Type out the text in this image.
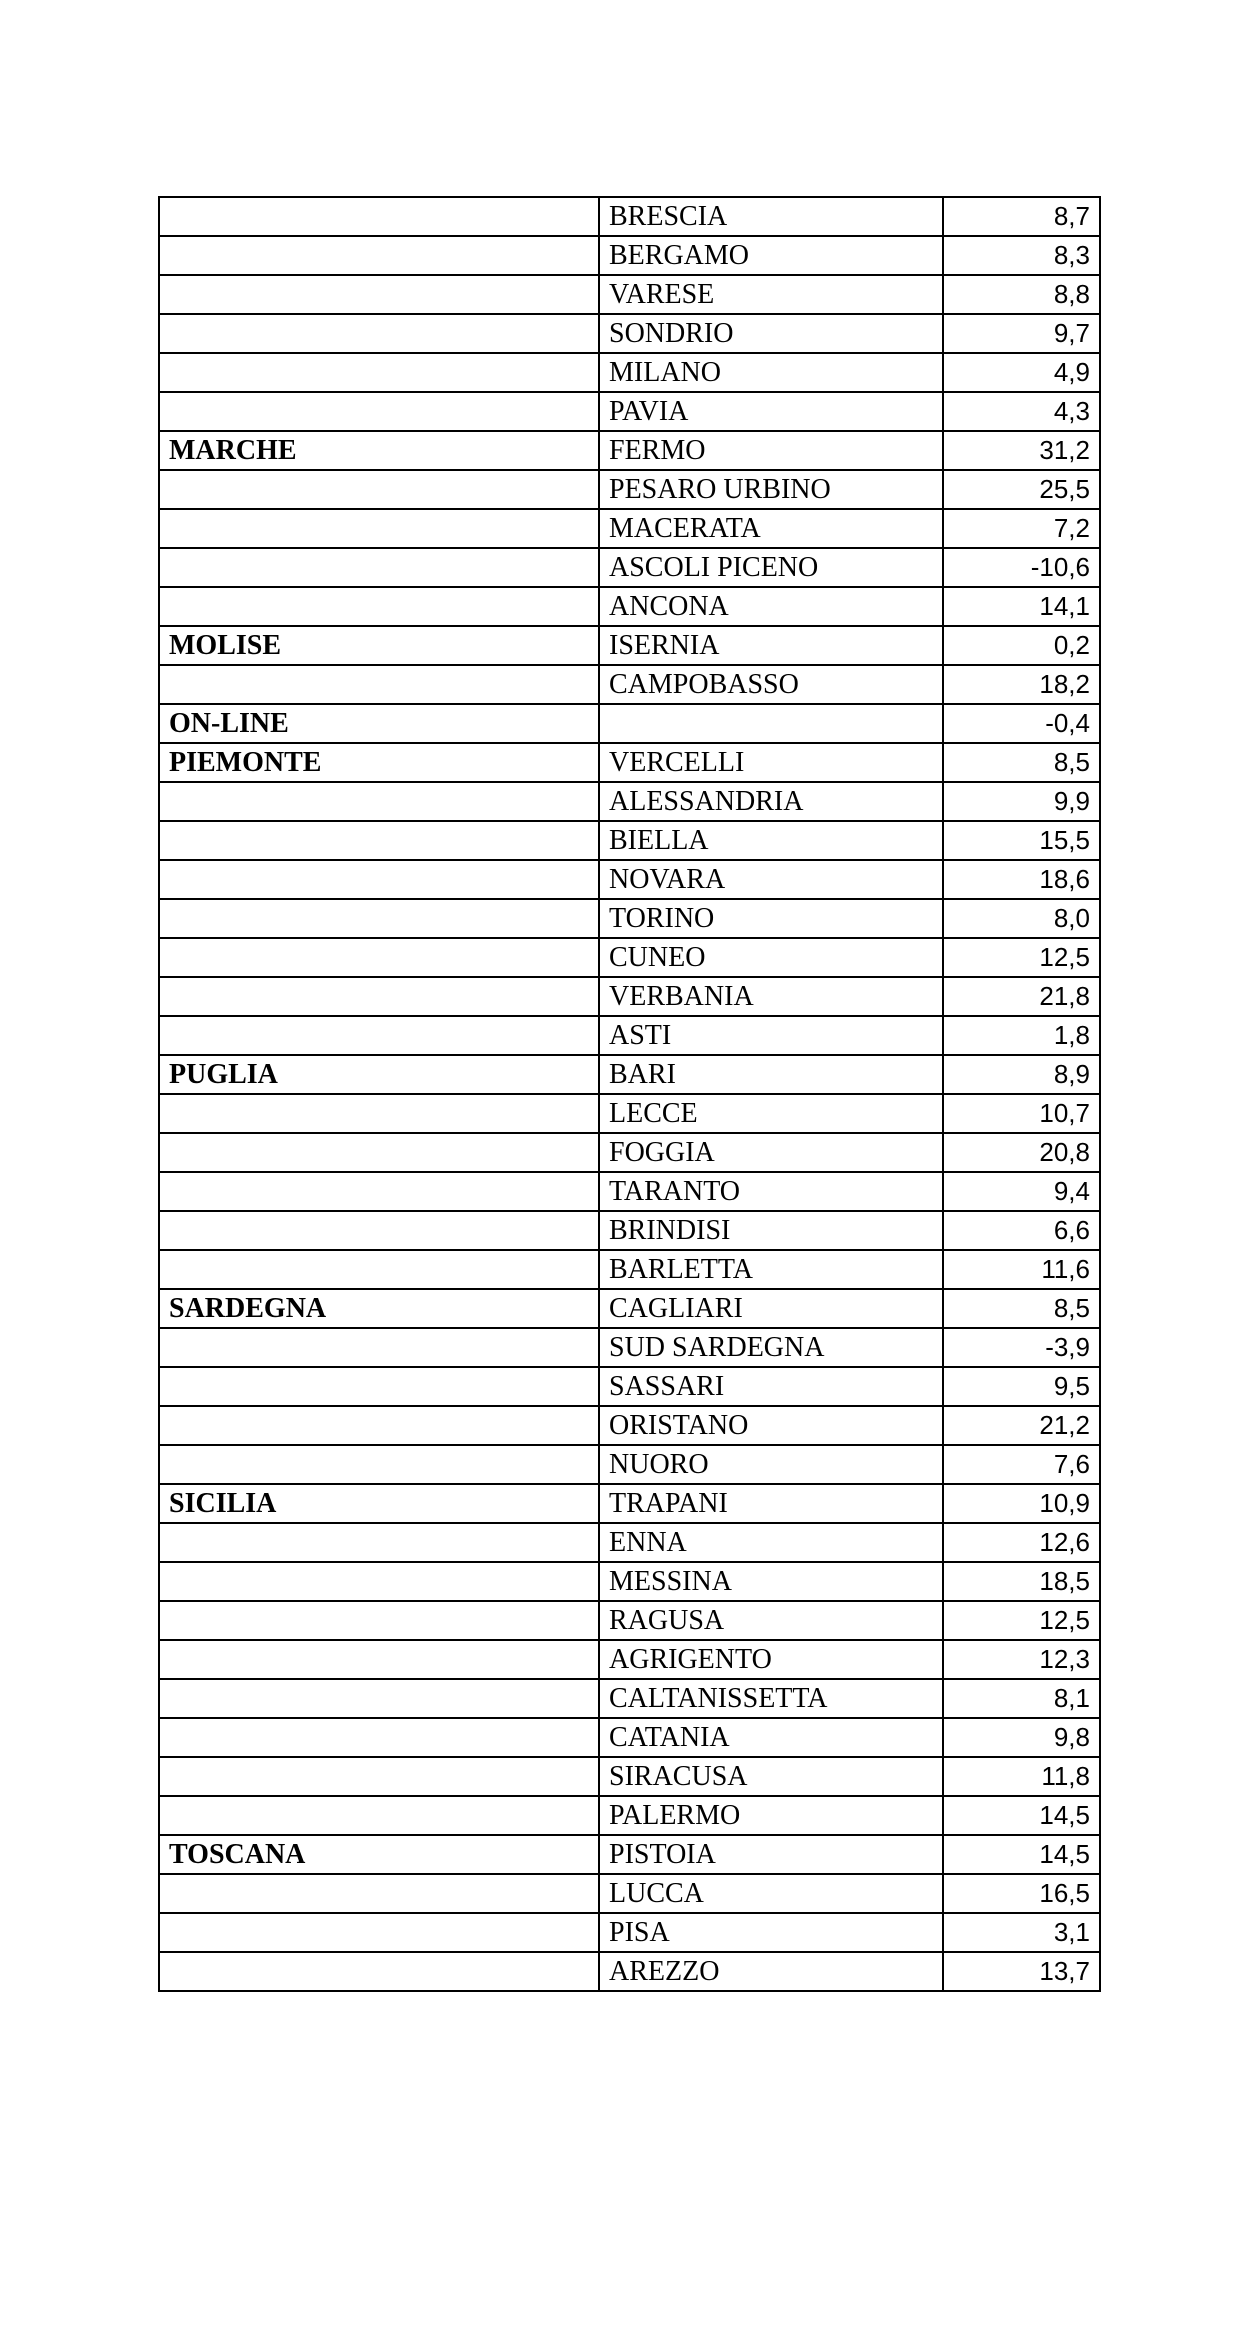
	BRESCIA	8,7
	BERGAMO	8,3
	VARESE	8,8
	SONDRIO	9,7
	MILANO	4,9
	PAVIA	4,3
MARCHE	FERMO	31,2
	PESARO URBINO	25,5
	MACERATA	7,2
	ASCOLI PICENO	-10,6
	ANCONA	14,1
MOLISE	ISERNIA	0,2
	CAMPOBASSO	18,2
ON-LINE		-0,4
PIEMONTE	VERCELLI	8,5
	ALESSANDRIA	9,9
	BIELLA	15,5
	NOVARA	18,6
	TORINO	8,0
	CUNEO	12,5
	VERBANIA	21,8
	ASTI	1,8
PUGLIA	BARI	8,9
	LECCE	10,7
	FOGGIA	20,8
	TARANTO	9,4
	BRINDISI	6,6
	BARLETTA	11,6
SARDEGNA	CAGLIARI	8,5
	SUD SARDEGNA	-3,9
	SASSARI	9,5
	ORISTANO	21,2
	NUORO	7,6
SICILIA	TRAPANI	10,9
	ENNA	12,6
	MESSINA	18,5
	RAGUSA	12,5
	AGRIGENTO	12,3
	CALTANISSETTA	8,1
	CATANIA	9,8
	SIRACUSA	11,8
	PALERMO	14,5
TOSCANA	PISTOIA	14,5
	LUCCA	16,5
	PISA	3,1
	AREZZO	13,7
